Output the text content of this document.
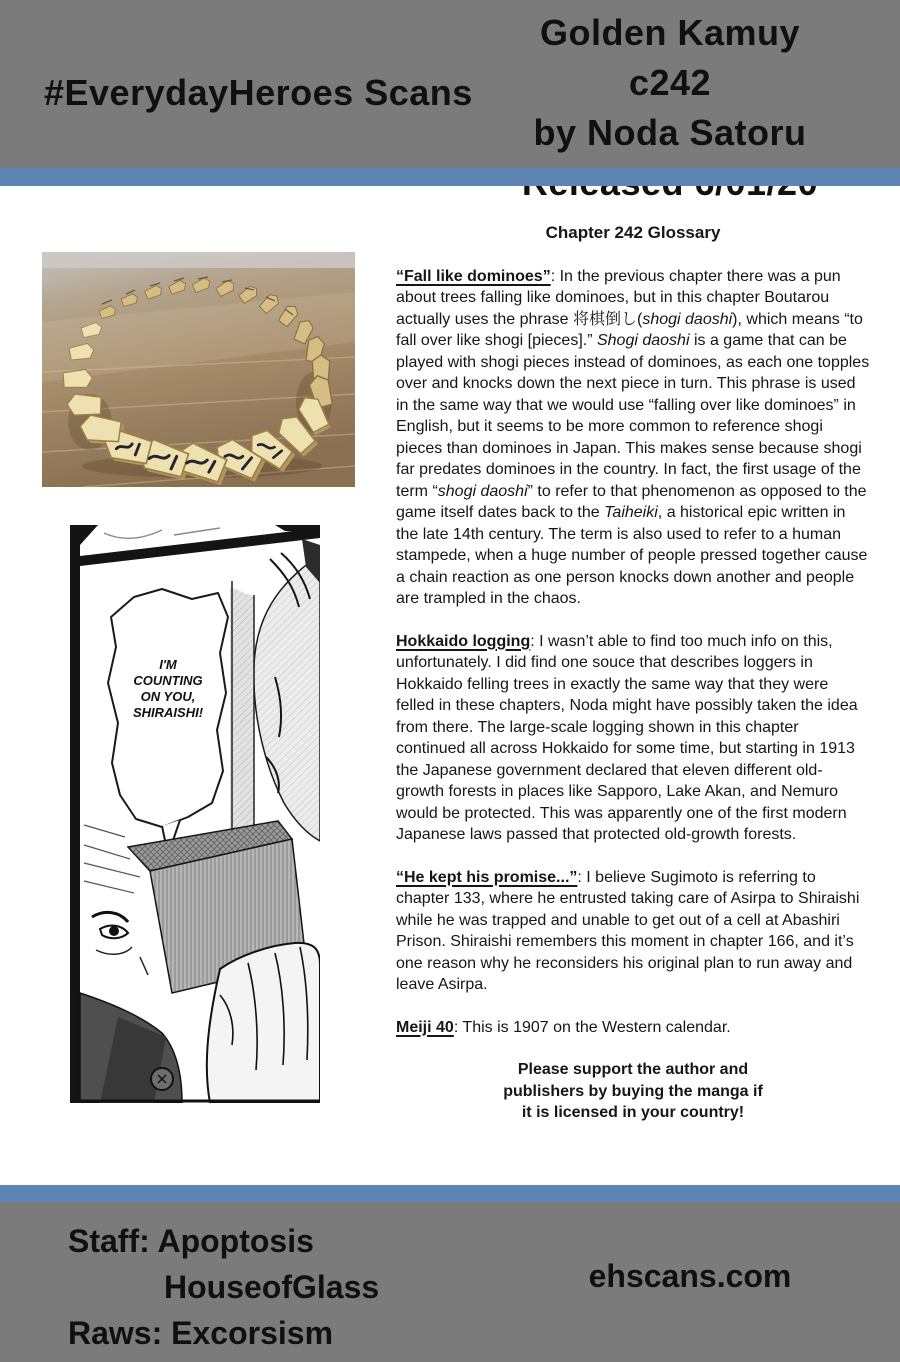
#EverydayHeroes Scans
Golden Kamuy c242
by Noda Satoru
I'M
COUNTING
ON YOU,
SHIRAISHI!
Chapter 242 Glossary

“Fall like dominoes”: In the previous chapter there was a pun about trees falling like dominoes, but in this chapter Boutarou actually uses the phrase 将棋倒し(shogi daoshi), which means “to fall over like shogi [pieces].” Shogi daoshi is a game that can be played with shogi pieces instead of dominoes, as each one topples over and knocks down the next piece in turn. This phrase is used in the same way that we would use “falling over like dominoes” in English, but it seems to be more common to reference shogi pieces than dominoes in Japan. This makes sense because shogi far predates dominoes in the country. In fact, the first usage of the term “shogi daoshi” to refer to that phenomenon as opposed to the game itself dates back to the Taiheiki, a historical epic written in the late 14th century. The term is also used to refer to a human stampede, when a huge number of people pressed together cause a chain reaction as one person knocks down another and people are trampled in the chaos.

Hokkaido logging: I wasn’t able to find too much info on this, unfortunately. I did find one souce that describes loggers in Hokkaido felling trees in exactly the same way that they were felled in these chapters, Noda might have possibly taken the idea from there. The large-scale logging shown in this chapter continued all across Hokkaido for some time, but starting in 1913 the Japanese government declared that eleven different old-growth forests in places like Sapporo, Lake Akan, and Nemuro would be protected. This was apparently one of the first modern Japanese laws passed that protected old-growth forests.

“He kept his promise...”: I believe Sugimoto is referring to chapter 133, where he entrusted taking care of Asirpa to Shiraishi while he was trapped and unable to get out of a cell at Abashiri Prison. Shiraishi remembers this moment in chapter 166, and it’s one reason why he reconsiders his original plan to run away and leave Asirpa.

Meiji 40: This is 1907 on the Western calendar.

Please support the author and
publishers by buying the manga if
it is licensed in your country!
Staff: Apoptosis
HouseofGlass
Raws: Excorsism
ehscans.com
